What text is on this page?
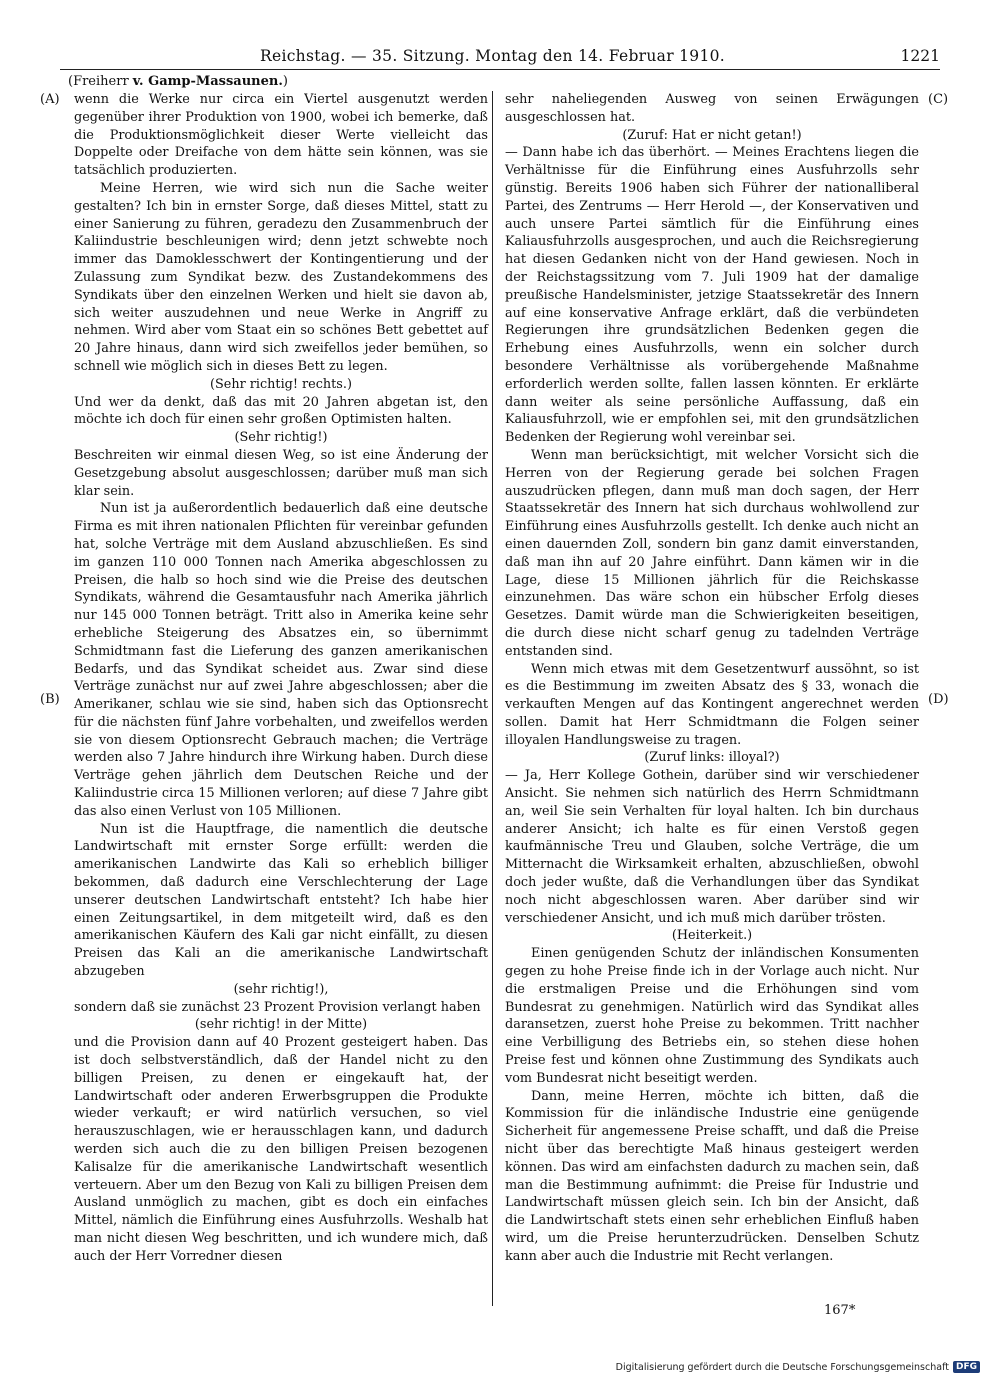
Reichstag. — 35. Sitzung. Montag den 14. Februar 1910.	1221
(Freiherr v. Gamp-Massaunen.)
(A)
(B)
(C)
(D)

wenn die Werke nur circa ein Viertel ausgenutzt werden gegenüber ihrer Produktion von 1900, wobei ich bemerke, daß die Produktionsmöglichkeit dieser Werte vielleicht das Doppelte oder Dreifache von dem hätte sein können, was sie tatsächlich produzierten.

Meine Herren, wie wird sich nun die Sache weiter gestalten? Ich bin in ernster Sorge, daß dieses Mittel, statt zu einer Sanierung zu führen, geradezu den Zusammenbruch der Kaliindustrie beschleunigen wird; denn jetzt schwebte noch immer das Damoklesschwert der Kontingentierung und der Zulassung zum Syndikat bezw. des Zustandekommens des Syndikats über den einzelnen Werken und hielt sie davon ab, sich weiter auszudehnen und neue Werke in Angriff zu nehmen. Wird aber vom Staat ein so schönes Bett gebettet auf 20 Jahre hinaus, dann wird sich zweifellos jeder bemühen, so schnell wie möglich sich in dieses Bett zu legen.

(Sehr richtig! rechts.)

Und wer da denkt, daß das mit 20 Jahren abgetan ist, den möchte ich doch für einen sehr großen Optimisten halten.

(Sehr richtig!)

Beschreiten wir einmal diesen Weg, so ist eine Änderung der Gesetzgebung absolut ausgeschlossen; darüber muß man sich klar sein.

Nun ist ja außerordentlich bedauerlich daß eine deutsche Firma es mit ihren nationalen Pflichten für vereinbar gefunden hat, solche Verträge mit dem Ausland abzuschließen. Es sind im ganzen 110 000 Tonnen nach Amerika abgeschlossen zu Preisen, die halb so hoch sind wie die Preise des deutschen Syndikats, während die Gesamtausfuhr nach Amerika jährlich nur 145 000 Tonnen beträgt. Tritt also in Amerika keine sehr erhebliche Steigerung des Absatzes ein, so übernimmt Schmidtmann fast die Lieferung des ganzen amerikanischen Bedarfs, und das Syndikat scheidet aus. Zwar sind diese Verträge zunächst nur auf zwei Jahre abgeschlossen; aber die Amerikaner, schlau wie sie sind, haben sich das Optionsrecht für die nächsten fünf Jahre vorbehalten, und zweifellos werden sie von diesem Optionsrecht Gebrauch machen; die Verträge werden also 7 Jahre hindurch ihre Wirkung haben. Durch diese Verträge gehen jährlich dem Deutschen Reiche und der Kaliindustrie circa 15 Millionen verloren; auf diese 7 Jahre gibt das also einen Verlust von 105 Millionen.

Nun ist die Hauptfrage, die namentlich die deutsche Landwirtschaft mit ernster Sorge erfüllt: werden die amerikanischen Landwirte das Kali so erheblich billiger bekommen, daß dadurch eine Verschlechterung der Lage unserer deutschen Landwirtschaft entsteht? Ich habe hier einen Zeitungsartikel, in dem mitgeteilt wird, daß es den amerikanischen Käufern des Kali gar nicht einfällt, zu diesen Preisen das Kali an die amerikanische Landwirtschaft abzugeben

(sehr richtig!),

sondern daß sie zunächst 23 Prozent Provision verlangt haben

(sehr richtig! in der Mitte)

und die Provision dann auf 40 Prozent gesteigert haben. Das ist doch selbstverständlich, daß der Handel nicht zu den billigen Preisen, zu denen er eingekauft hat, der Landwirtschaft oder anderen Erwerbsgruppen die Produkte wieder verkauft; er wird natürlich versuchen, so viel herauszuschlagen, wie er herausschlagen kann, und dadurch werden sich auch die zu den billigen Preisen bezogenen Kalisalze für die amerikanische Landwirtschaft wesentlich verteuern. Aber um den Bezug von Kali zu billigen Preisen dem Ausland unmöglich zu machen, gibt es doch ein einfaches Mittel, nämlich die Einführung eines Ausfuhrzolls. Weshalb hat man nicht diesen Weg beschritten, und ich wundere mich, daß auch der Herr Vorredner diesen

sehr naheliegenden Ausweg von seinen Erwägungen ausgeschlossen hat.

(Zuruf: Hat er nicht getan!)

— Dann habe ich das überhört. — Meines Erachtens liegen die Verhältnisse für die Einführung eines Ausfuhrzolls sehr günstig. Bereits 1906 haben sich Führer der nationalliberal Partei, des Zentrums — Herr Herold —, der Konservativen und auch unsere Partei sämtlich für die Einführung eines Kaliausfuhrzolls ausgesprochen, und auch die Reichsregierung hat diesen Gedanken nicht von der Hand gewiesen. Noch in der Reichstagssitzung vom 7. Juli 1909 hat der damalige preußische Handelsminister, jetzige Staatssekretär des Innern auf eine konservative Anfrage erklärt, daß die verbündeten Regierungen ihre grundsätzlichen Bedenken gegen die Erhebung eines Ausfuhrzolls, wenn ein solcher durch besondere Verhältnisse als vorübergehende Maßnahme erforderlich werden sollte, fallen lassen könnten. Er erklärte dann weiter als seine persönliche Auffassung, daß ein Kaliausfuhrzoll, wie er empfohlen sei, mit den grundsätzlichen Bedenken der Regierung wohl vereinbar sei.

Wenn man berücksichtigt, mit welcher Vorsicht sich die Herren von der Regierung gerade bei solchen Fragen auszudrücken pflegen, dann muß man doch sagen, der Herr Staatssekretär des Innern hat sich durchaus wohlwollend zur Einführung eines Ausfuhrzolls gestellt. Ich denke auch nicht an einen dauernden Zoll, sondern bin ganz damit einverstanden, daß man ihn auf 20 Jahre einführt. Dann kämen wir in die Lage, diese 15 Millionen jährlich für die Reichskasse einzunehmen. Das wäre schon ein hübscher Erfolg dieses Gesetzes. Damit würde man die Schwierigkeiten beseitigen, die durch diese nicht scharf genug zu tadelnden Verträge entstanden sind.

Wenn mich etwas mit dem Gesetzentwurf aussöhnt, so ist es die Bestimmung im zweiten Absatz des § 33, wonach die verkauften Mengen auf das Kontingent angerechnet werden sollen. Damit hat Herr Schmidtmann die Folgen seiner illoyalen Handlungsweise zu tragen.

(Zuruf links: illoyal?)

— Ja, Herr Kollege Gothein, darüber sind wir verschiedener Ansicht. Sie nehmen sich natürlich des Herrn Schmidtmann an, weil Sie sein Verhalten für loyal halten. Ich bin durchaus anderer Ansicht; ich halte es für einen Verstoß gegen kaufmännische Treu und Glauben, solche Verträge, die um Mitternacht die Wirksamkeit erhalten, abzuschließen, obwohl doch jeder wußte, daß die Verhandlungen über das Syndikat noch nicht abgeschlossen waren. Aber darüber sind wir verschiedener Ansicht, und ich muß mich darüber trösten.

(Heiterkeit.)

Einen genügenden Schutz der inländischen Konsumenten gegen zu hohe Preise finde ich in der Vorlage auch nicht. Nur die erstmaligen Preise und die Erhöhungen sind vom Bundesrat zu genehmigen. Natürlich wird das Syndikat alles daransetzen, zuerst hohe Preise zu bekommen. Tritt nachher eine Verbilligung des Betriebs ein, so stehen diese hohen Preise fest und können ohne Zustimmung des Syndikats auch vom Bundesrat nicht beseitigt werden.

Dann, meine Herren, möchte ich bitten, daß die Kommission für die inländische Industrie eine genügende Sicherheit für angemessene Preise schafft, und daß die Preise nicht über das berechtigte Maß hinaus gesteigert werden können. Das wird am einfachsten dadurch zu machen sein, daß man die Bestimmung aufnimmt: die Preise für Industrie und Landwirtschaft müssen gleich sein. Ich bin der Ansicht, daß die Landwirtschaft stets einen sehr erheblichen Einfluß haben wird, um die Preise herunterzudrücken. Denselben Schutz kann aber auch die Industrie mit Recht verlangen.

167*
Digitalisierung gefördert durch die Deutsche Forschungsgemeinschaft DFG
